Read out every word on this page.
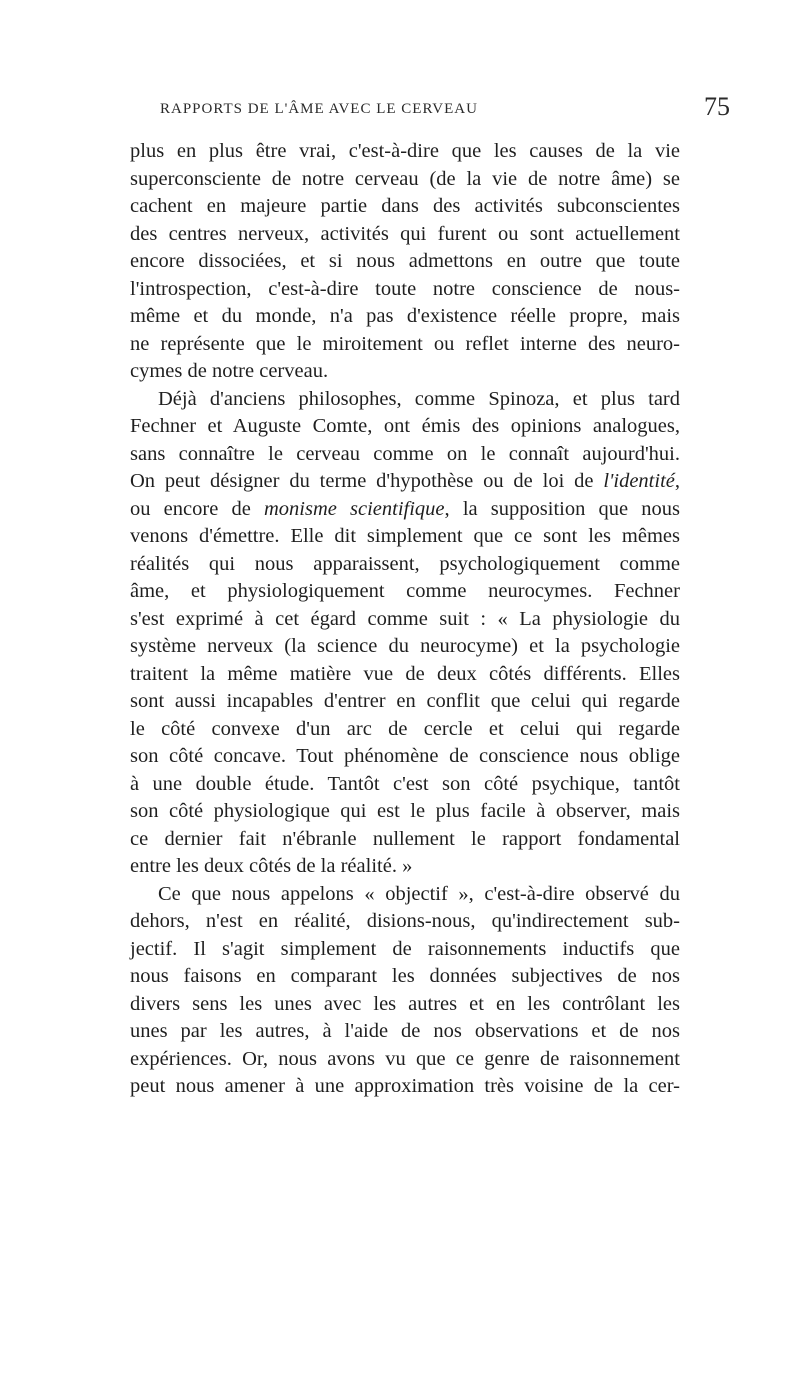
RAPPORTS DE L'ÂME AVEC LE CERVEAU	75
plus en plus être vrai, c'est-à-dire que les causes de la vie
superconsciente de notre cerveau (de la vie de notre âme) se
cachent en majeure partie dans des activités subconscientes
des centres nerveux, activités qui furent ou sont actuellement
encore dissociées, et si nous admettons en outre que toute
l'introspection, c'est-à-dire toute notre conscience de nous-
même et du monde, n'a pas d'existence réelle propre, mais
ne représente que le miroitement ou reflet interne des neuro-
cymes de notre cerveau.
Déjà d'anciens philosophes, comme Spinoza, et plus tard
Fechner et Auguste Comte, ont émis des opinions analogues,
sans connaître le cerveau comme on le connaît aujourd'hui.
On peut désigner du terme d'hypothèse ou de loi de l'identité,
ou encore de monisme scientifique, la supposition que nous
venons d'émettre. Elle dit simplement que ce sont les mêmes
réalités qui nous apparaissent, psychologiquement comme
âme, et physiologiquement comme neurocymes. Fechner
s'est exprimé à cet égard comme suit : « La physiologie du
système nerveux (la science du neurocyme) et la psychologie
traitent la même matière vue de deux côtés différents. Elles
sont aussi incapables d'entrer en conflit que celui qui regarde
le côté convexe d'un arc de cercle et celui qui regarde
son côté concave. Tout phénomène de conscience nous oblige
à une double étude. Tantôt c'est son côté psychique, tantôt
son côté physiologique qui est le plus facile à observer, mais
ce dernier fait n'ébranle nullement le rapport fondamental
entre les deux côtés de la réalité. »
Ce que nous appelons « objectif », c'est-à-dire observé du
dehors, n'est en réalité, disions-nous, qu'indirectement sub-
jectif. Il s'agit simplement de raisonnements inductifs que
nous faisons en comparant les données subjectives de nos
divers sens les unes avec les autres et en les contrôlant les
unes par les autres, à l'aide de nos observations et de nos
expériences. Or, nous avons vu que ce genre de raisonnement
peut nous amener à une approximation très voisine de la cer-
